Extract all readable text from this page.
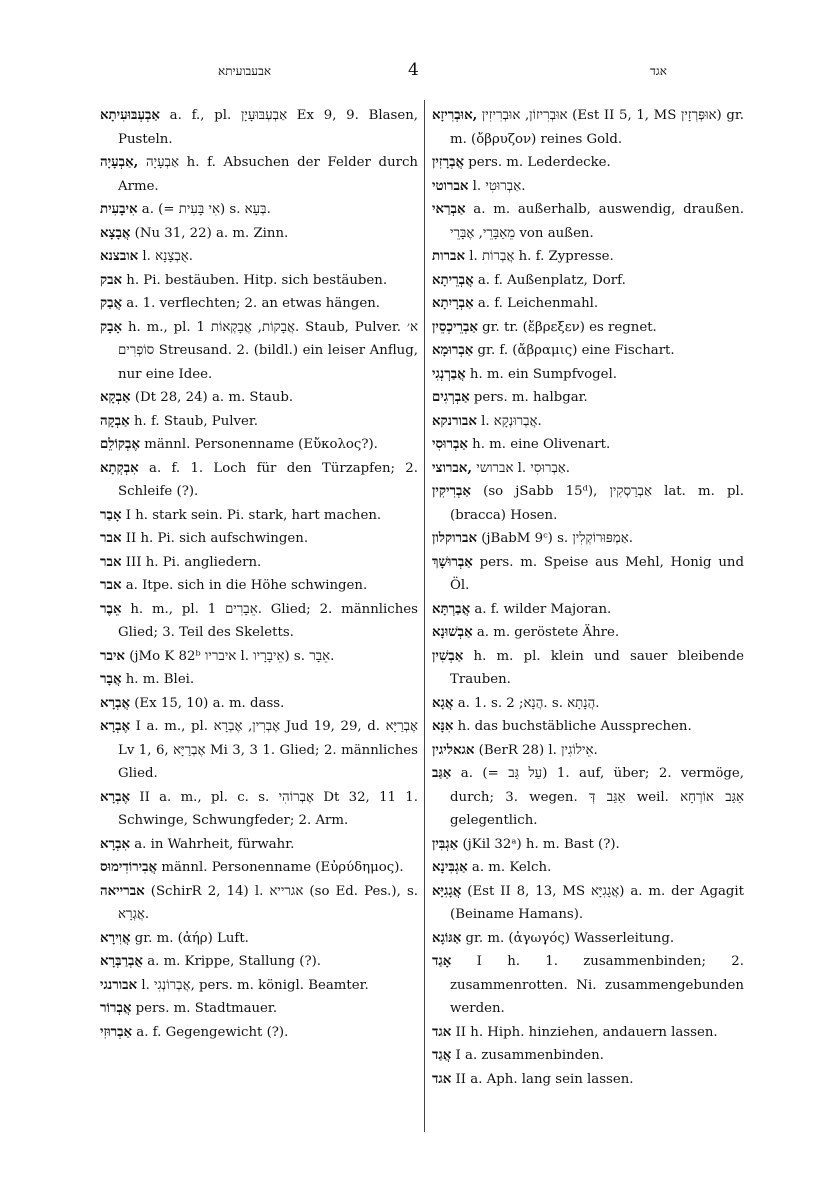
אבעבועיתא	4	אגד

אַבְעְבּוּעִיתָא a. f., pl. אַבְעְבּוּעָיָן Ex 9, 9. Blasen, Pusteln.

אַבְעָיָה, אַבְעָיָה h. f. Absuchen der Felder durch Arme.

אִיבָעִית a. (= אִי בָּעִית) s. בְּעָא.

אֲבָצָא (Nu 31, 22) a. m. Zinn.

אובצנא l. אֻבְצָנָא.

אבק h. Pi. bestäuben. Hitp. sich bestäuben.

אֲבַק a. 1. verflechten; 2. an etwas hängen.

אָבָק h. m., pl. אֲבָקוֹת, אֲבָקְאוֹת 1. Staub, Pulver. א׳ סוֹפְרִים Streusand. 2. (bildl.) ein leiser Anflug, nur eine Idee.

אַבְקָא (Dt 28, 24) a. m. Staub.

אַבְקָה h. f. Staub, Pulver.

אֶבְקוֹלֵם männl. Personenname (Εὔκολος?).

אִבְקְתָא a. f. 1. Loch für den Türzapfen; 2. Schleife (?).

אָבַר I h. stark sein. Pi. stark, hart machen.

אבר II h. Pi. sich aufschwingen.

אבר III h. Pi. angliedern.

אבר a. Itpe. sich in die Höhe schwingen.

אֵבֶר h. m., pl. אֵבָרִים 1. Glied; 2. männliches Glied; 3. Teil des Skeletts.

איבר (jMo K 82ᵇ איבריו l. אֵיבָרָיו) s. אֵבָר.

אֲבָר h. m. Blei.

אֲבְרָא (Ex 15, 10) a. m. dass.

אֶבְרָא I a. m., pl. אֶבְרִין, אֶבְרָא Jud 19, 29, d. אֶבְרַיָּא Lv 1, 6, אֶבְרַיָּא Mi 3, 3 1. Glied; 2. männliches Glied.

אֶבְרָא II a. m., pl. c. s. אֶבְרוֹהִי Dt 32, 11 1. Schwinge, Schwungfeder; 2. Arm.

אִבְרָא a. in Wahrheit, fürwahr.

אֲבִירוֹדִימוּס männl. Personenname (Εὐρύδημος).

אברייאה (SchirR 2, 14) l. אגרייא (so Ed. Pes.), s. אֲגְרָא.

אֲוִירָא gr. m. (ἀήρ) Luft.

אֻבְרַבְּרָא a. m. Krippe, Stallung (?).

אבורנגי l. אֲבְרוֹנְגִי, pers. m. königl. Beamter.

אֲבְרוֹר pers. m. Stadtmauer.

אַבְרוּזִי a. f. Gegengewicht (?).

אוּבְרִיזָא, אוּבְרִיזוֹן, אוּבְרִיזִין (Est II 5, 1, MS אוּפְּרְזָין) gr. m. (ὄβρυζον) reines Gold.

אֲבְרָזִין pers. m. Lederdecke.

אברוטי l. אַבְרוּטִי.

אַבְרַאי a. m. außerhalb, auswendig, draußen. מֵאַבָּרֵי, אֶבָּרֵי von außen.

אברות l. אֲבְרוֹת h. f. Zypresse.

אֲבְרֵיתָא a. f. Außenplatz, Dorf.

אַבְרָיִתָא a. f. Leichenmahl.

אַבְרֵיכְסֵין gr. tr. (ἔβρεξεν) es regnet.

אַבְרוּמָא gr. f. (ἄβραμις) eine Fischart.

אֲבַרְנְגִי h. m. ein Sumpfvogel.

אַבְרְגִים pers. m. halbgar.

אבורנקא l. אֲבְרוּנְקָא.

אַבְרוּסִי h. m. eine Olivenart.

אברוצי, אברושי l. אַבְרוּסִי.

אַבְרִיקִין (so jSabb 15ᵈ), אַבְרַסְקִין lat. m. pl. (bracca) Hosen.

אברוקלון (jBabM 9ᶜ) s. אַמְפּוּרוֹקְלִין.

אַבְרוּשָׁךְ pers. m. Speise aus Mehl, Honig und Öl.

אֲבַרְתָּא a. f. wilder Majoran.

אַבְשׁוּנָא a. m. geröstete Ähre.

אַבְשִׁין h. m. pl. klein und sauer bleibende Trauben.

אֲגָא a. 1. s. הֲנָא; 2. s. הֲנָתָא.

אִנָּא h. das buchstäbliche Aussprechen.

אגאליגין (BerR 28) l. אֵילוֹגִין.

אַגַּב a. (= עַל גַּב) 1. auf, über; 2. vermöge, durch; 3. wegen. אַגַּב דְּ weil. אַגַּב אוֹרְחָא gelegentlich.

אַגְבִּין (jKil 32ᵃ) h. m. Bast (?).

אַגְבִּינָא a. m. Kelch.

אֲגָגִיָּא (Est II 8, 13, MS אֲגָגִיָּא) a. m. der Agagit (Beiname Hamans).

אַגּוֹגָא gr. m. (ἀγωγός) Wasserleitung.

אָגַד I h. 1. zusammenbinden; 2. zusammenrotten. Ni. zusammengebunden werden.

אגד II h. Hiph. hinziehen, andauern lassen.

אֲגַד I a. zusammenbinden.

אגד II a. Aph. lang sein lassen.
